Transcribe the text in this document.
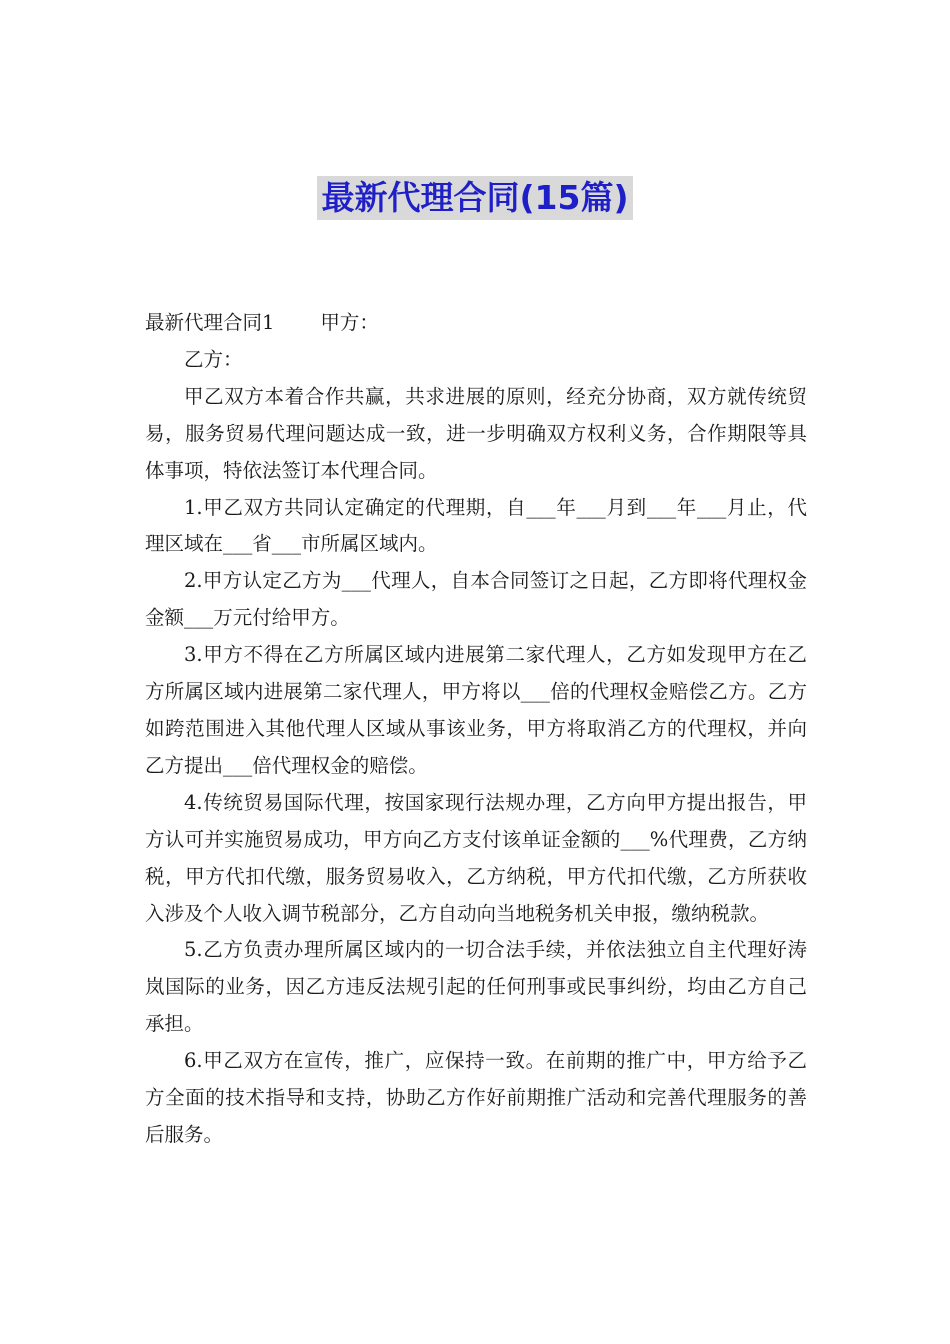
最新代理合同(15篇)

最新代理合同1 甲方：

乙方：

甲乙双方本着合作共赢，共求进展的原则，经充分协商，双方就传统贸易，服务贸易代理问题达成一致，进一步明确双方权利义务，合作期限等具体事项，特依法签订本代理合同。

1.甲乙双方共同认定确定的代理期，自___年___月到___年___月止，代理区域在___省___市所属区域内。

2.甲方认定乙方为___代理人，自本合同签订之日起，乙方即将代理权金金额___万元付给甲方。

3.甲方不得在乙方所属区域内进展第二家代理人，乙方如发现甲方在乙方所属区域内进展第二家代理人，甲方将以___倍的代理权金赔偿乙方。乙方如跨范围进入其他代理人区域从事该业务，甲方将取消乙方的代理权，并向乙方提出___倍代理权金的赔偿。

4.传统贸易国际代理，按国家现行法规办理，乙方向甲方提出报告，甲方认可并实施贸易成功，甲方向乙方支付该单证金额的___%代理费，乙方纳税，甲方代扣代缴，服务贸易收入，乙方纳税，甲方代扣代缴，乙方所获收入涉及个人收入调节税部分，乙方自动向当地税务机关申报，缴纳税款。

5.乙方负责办理所属区域内的一切合法手续，并依法独立自主代理好涛岚国际的业务，因乙方违反法规引起的任何刑事或民事纠纷，均由乙方自己承担。

6.甲乙双方在宣传，推广，应保持一致。在前期的推广中，甲方给予乙方全面的技术指导和支持，协助乙方作好前期推广活动和完善代理服务的善后服务。
